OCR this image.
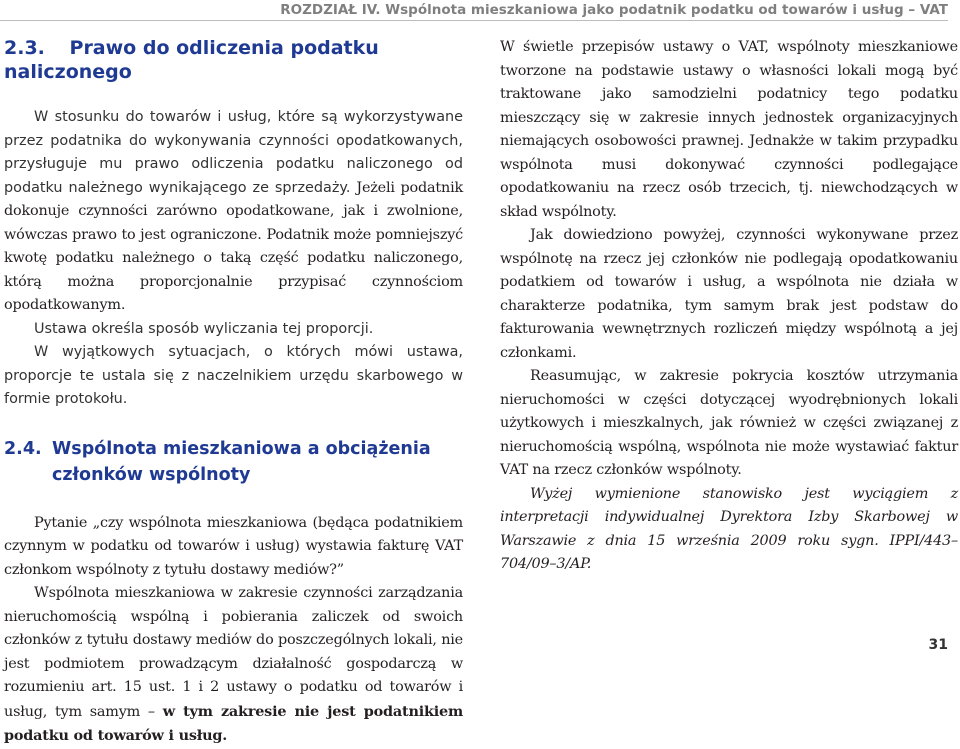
ROZDZIAŁ IV. Wspólnota mieszkaniowa jako podatnik podatku od towarów i usług – VAT
2.3. Prawo do odliczenia podatku naliczonego

W stosunku do towarów i usług, które są wykorzystywane przez podatnika do wykonywania czynności opodatkowanych, przysługuje mu prawo odliczenia podatku naliczonego od podatku należnego wynikającego ze sprzedaży. Jeżeli podatnik dokonuje czynności zarówno opodatkowane, jak i zwolnione, wówczas prawo to jest ograniczone. Podatnik może pomniejszyć kwotę podatku należnego o taką część podatku naliczonego, którą można proporcjonalnie przypisać czynnościom opodatkowanym.

Ustawa określa sposób wyliczania tej proporcji.

W wyjątkowych sytuacjach, o których mówi ustawa, proporcje te ustala się z naczelnikiem urzędu skarbowego w formie protokołu.

2.4. Wspólnota mieszkaniowa a obciążenia członków wspólnoty

Pytanie „czy wspólnota mieszkaniowa (będąca podatnikiem czynnym w podatku od towarów i usług) wystawia fakturę VAT członkom wspólnoty z tytułu dostawy mediów?”

Wspólnota mieszkaniowa w zakresie czynności zarządzania nieruchomością wspólną i pobierania zaliczek od swoich członków z tytułu dostawy mediów do poszczególnych lokali, nie jest podmiotem prowadzącym działalność gospodarczą w rozumieniu art. 15 ust. 1 i 2 ustawy o podatku od towarów i usług, tym samym – w tym zakresie nie jest podatnikiem podatku od towarów i usług.

W świetle przepisów ustawy o VAT, wspólnoty mieszkaniowe tworzone na podstawie ustawy o własności lokali mogą być traktowane jako samodzielni podatnicy tego podatku mieszczący się w zakresie innych jednostek organizacyjnych niemających osobowości prawnej. Jednakże w takim przypadku wspólnota musi dokonywać czynności podlegające opodatkowaniu na rzecz osób trzecich, tj. niewchodzących w skład wspólnoty.

Jak dowiedziono powyżej, czynności wykonywane przez wspólnotę na rzecz jej członków nie podlegają opodatkowaniu podatkiem od towarów i usług, a wspólnota nie działa w charakterze podatnika, tym samym brak jest podstaw do fakturowania wewnętrznych rozliczeń między wspólnotą a jej członkami.

Reasumując, w zakresie pokrycia kosztów utrzymania nieruchomości w części dotyczącej wyodrębnionych lokali użytkowych i mieszkalnych, jak również w części związanej z nieruchomością wspólną, wspólnota nie może wystawiać faktur VAT na rzecz członków wspólnoty.

Wyżej wymienione stanowisko jest wyciągiem z interpretacji indywidualnej Dyrektora Izby Skarbowej w Warszawie z dnia 15 września 2009 roku sygn. IPPI/443–704/09–3/AP.

31
